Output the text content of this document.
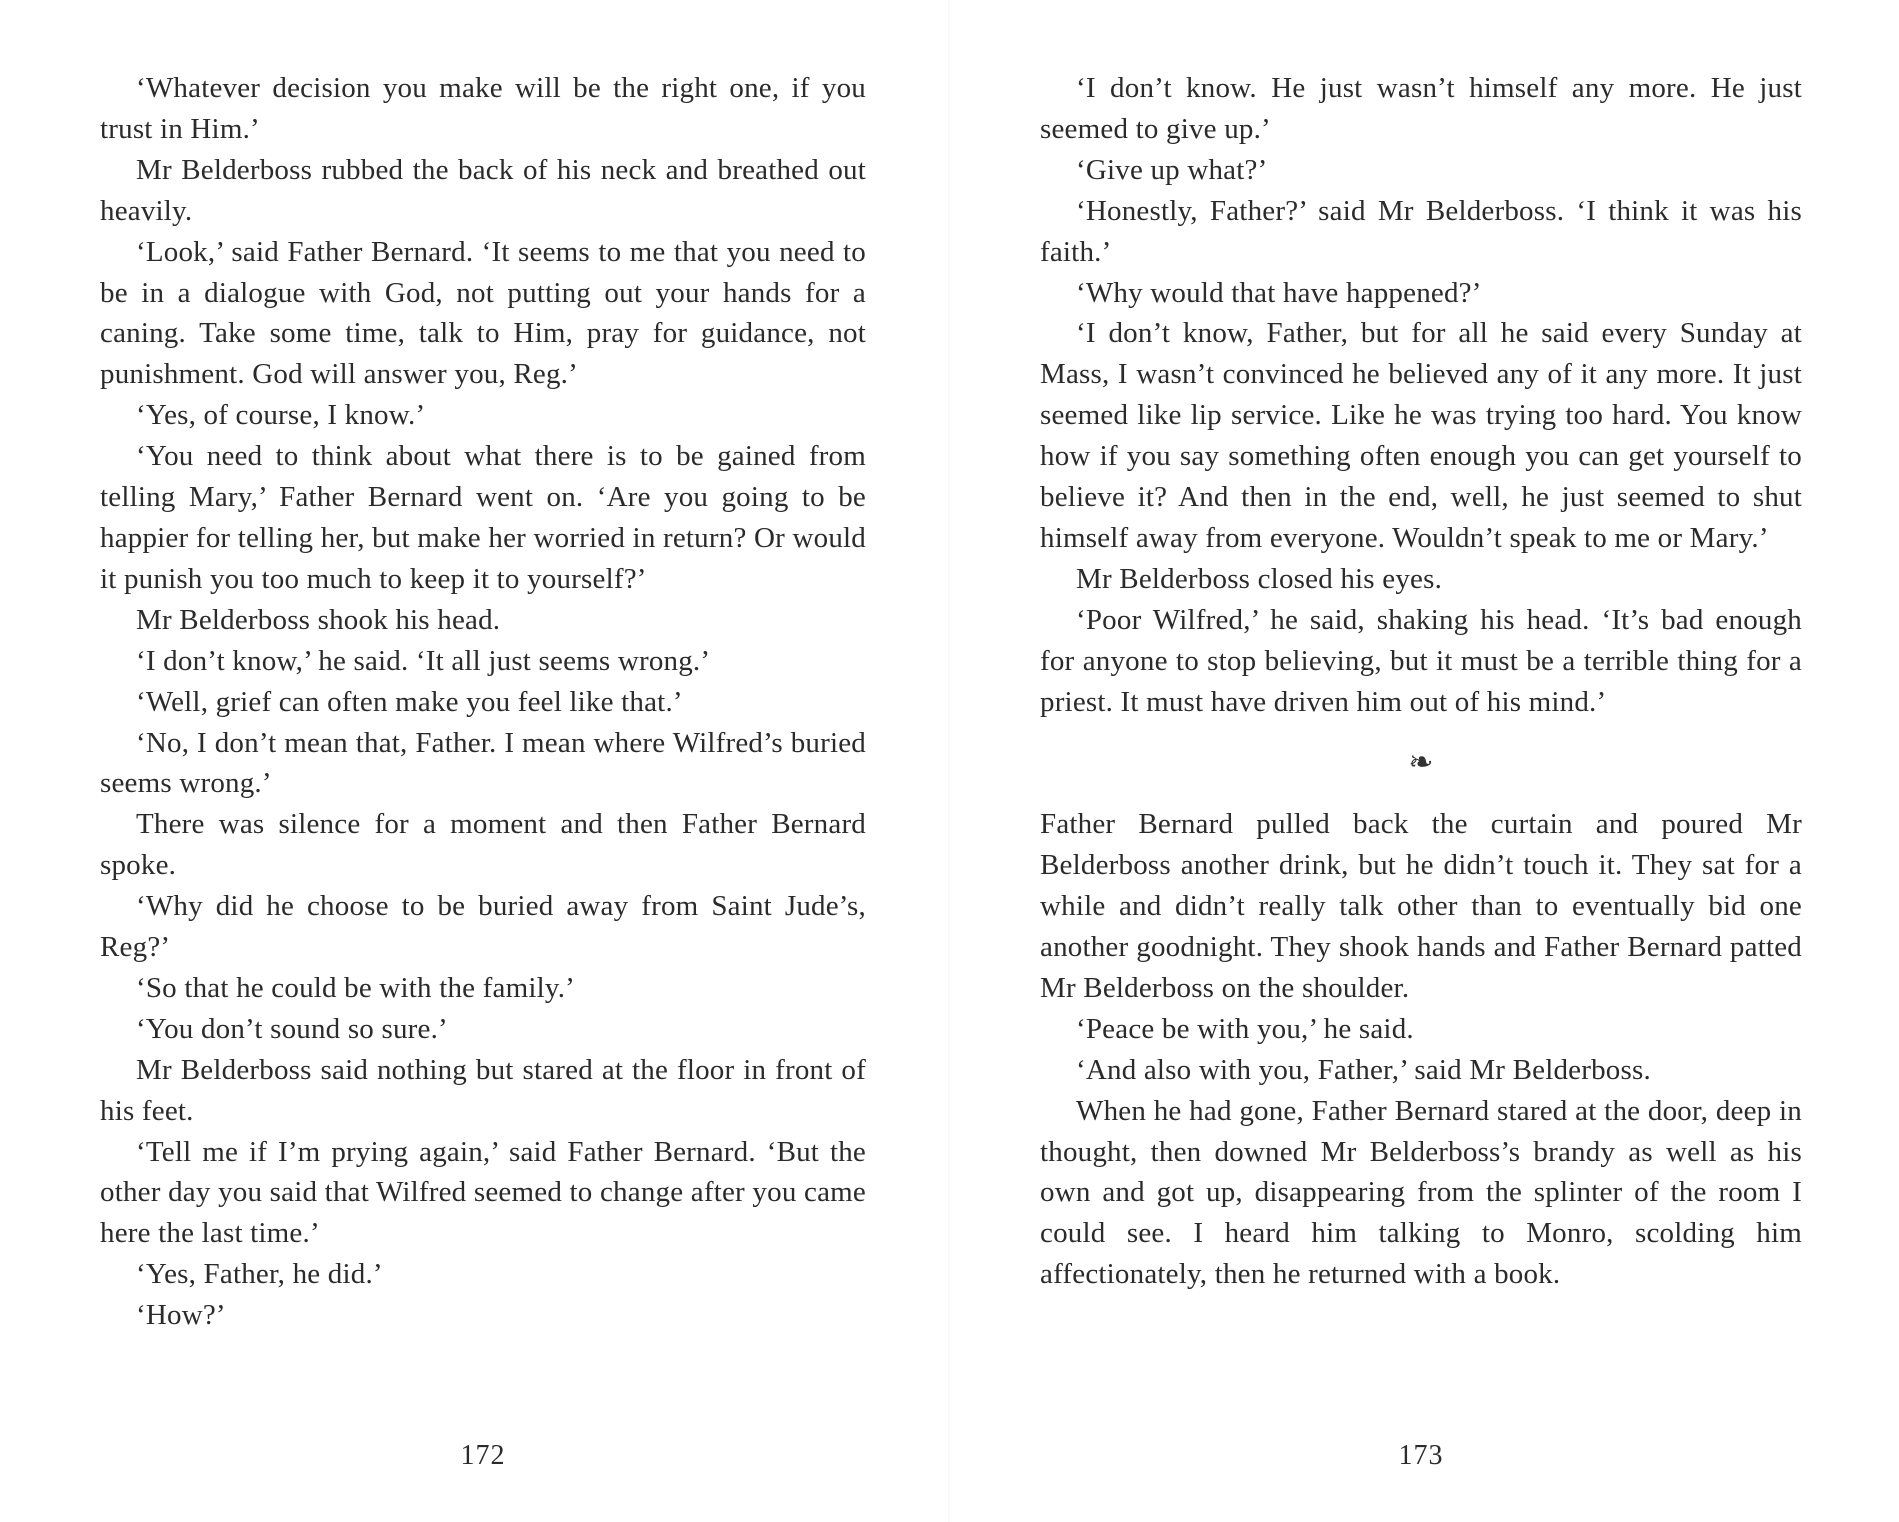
‘Whatever decision you make will be the right one, if you trust in Him.’

Mr Belderboss rubbed the back of his neck and breathed out heavily.

‘Look,’ said Father Bernard. ‘It seems to me that you need to be in a dialogue with God, not putting out your hands for a caning. Take some time, talk to Him, pray for guidance, not punishment. God will answer you, Reg.’

‘Yes, of course, I know.’

‘You need to think about what there is to be gained from telling Mary,’ Father Bernard went on. ‘Are you going to be happier for telling her, but make her worried in return? Or would it punish you too much to keep it to yourself?’

Mr Belderboss shook his head.

‘I don’t know,’ he said. ‘It all just seems wrong.’

‘Well, grief can often make you feel like that.’

‘No, I don’t mean that, Father. I mean where Wilfred’s buried seems wrong.’

There was silence for a moment and then Father Bernard spoke.

‘Why did he choose to be buried away from Saint Jude’s, Reg?’

‘So that he could be with the family.’

‘You don’t sound so sure.’

Mr Belderboss said nothing but stared at the floor in front of his feet.

‘Tell me if I’m prying again,’ said Father Bernard. ‘But the other day you said that Wilfred seemed to change after you came here the last time.’

‘Yes, Father, he did.’

‘How?’

172

‘I don’t know. He just wasn’t himself any more. He just seemed to give up.’

‘Give up what?’

‘Honestly, Father?’ said Mr Belderboss. ‘I think it was his faith.’

‘Why would that have happened?’

‘I don’t know, Father, but for all he said every Sunday at Mass, I wasn’t convinced he believed any of it any more. It just seemed like lip service. Like he was trying too hard. You know how if you say something often enough you can get yourself to believe it? And then in the end, well, he just seemed to shut himself away from everyone. Wouldn’t speak to me or Mary.’

Mr Belderboss closed his eyes.

‘Poor Wilfred,’ he said, shaking his head. ‘It’s bad enough for anyone to stop believing, but it must be a terrible thing for a priest. It must have driven him out of his mind.’

❧

Father Bernard pulled back the curtain and poured Mr Belderboss another drink, but he didn’t touch it. They sat for a while and didn’t really talk other than to eventually bid one another goodnight. They shook hands and Father Bernard patted Mr Belderboss on the shoulder.

‘Peace be with you,’ he said.

‘And also with you, Father,’ said Mr Belderboss.

When he had gone, Father Bernard stared at the door, deep in thought, then downed Mr Belderboss’s brandy as well as his own and got up, disappearing from the splinter of the room I could see. I heard him talking to Monro, scolding him affectionately, then he returned with a book.

173
